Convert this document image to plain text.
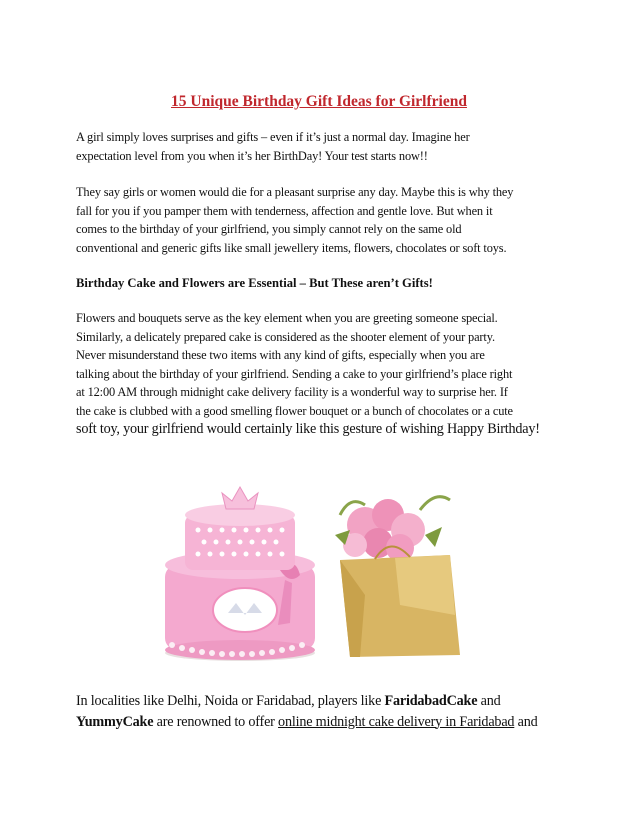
15 Unique Birthday Gift Ideas for Girlfriend
A girl simply loves surprises and gifts – even if it’s just a normal day. Imagine her
expectation level from you when it’s her BirthDay! Your test starts now!!
They say girls or women would die for a pleasant surprise any day. Maybe this is why they
fall for you if you pamper them with tenderness, affection and gentle love. But when it
comes to the birthday of your girlfriend, you simply cannot rely on the same old
conventional and generic gifts like small jewellery items, flowers, chocolates or soft toys.
Birthday Cake and Flowers are Essential – But These aren’t Gifts!
Flowers and bouquets serve as the key element when you are greeting someone special.
Similarly, a delicately prepared cake is considered as the shooter element of your party.
Never misunderstand these two items with any kind of gifts, especially when you are
talking about the birthday of your girlfriend. Sending a cake to your girlfriend’s place right
at 12:00 AM through midnight cake delivery facility is a wonderful way to surprise her. If
the cake is clubbed with a good smelling flower bouquet or a bunch of chocolates or a cute
soft toy, your girlfriend would certainly like this gesture of wishing Happy Birthday!
In localities like Delhi, Noida or Faridabad, players like FaridabadCake and
YummyCake are renowned to offer online midnight cake delivery in Faridabad and
